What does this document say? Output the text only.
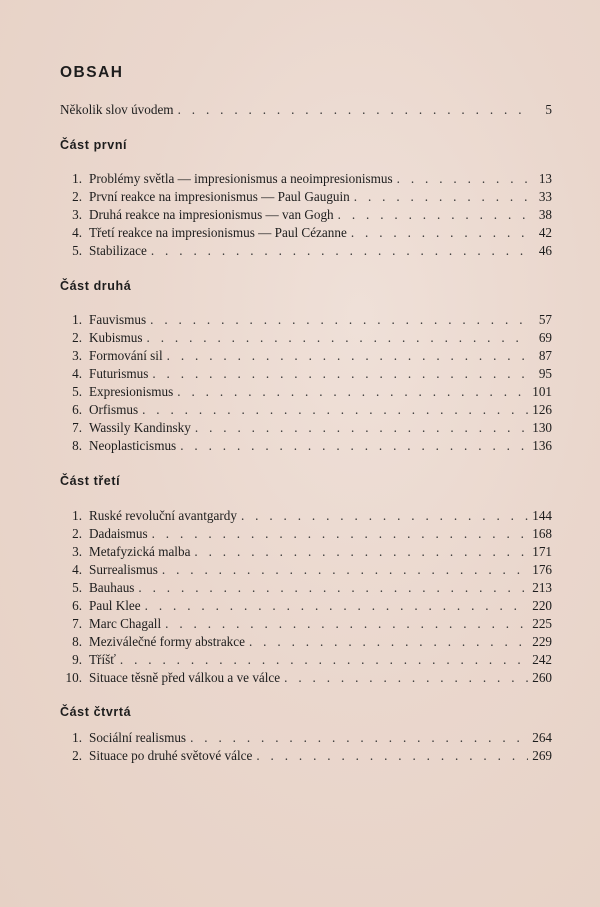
OBSAH
Několik slov úvodem . . .	5
Část první
1. Problémy světla — impresionismus a neoimpresionismus . . .	13
2. První reakce na impresionismus — Paul Gauguin . . .	33
3. Druhá reakce na impresionismus — van Gogh . . .	38
4. Třetí reakce na impresionismus — Paul Cézanne . . .	42
5. Stabilizace . . .	46
Část druhá
1. Fauvismus . . .	57
2. Kubismus . . .	69
3. Formování sil . . .	87
4. Futurismus . . .	95
5. Expresionismus . . .	101
6. Orfismus . . .	126
7. Wassily Kandinsky . . .	130
8. Neoplasticismus . . .	136
Část třetí
1. Ruské revoluční avantgardy . . .	144
2. Dadaismus . . .	168
3. Metafyzická malba . . .	171
4. Surrealismus . . .	176
5. Bauhaus . . .	213
6. Paul Klee . . .	220
7. Marc Chagall . . .	225
8. Meziválečné formy abstrakce . . .	229
9. Tříšť . . .	242
10. Situace těsně před válkou a ve válce . . .	260
Část čtvrtá
1. Sociální realismus . . .	264
2. Situace po druhé světové válce . . .	269
